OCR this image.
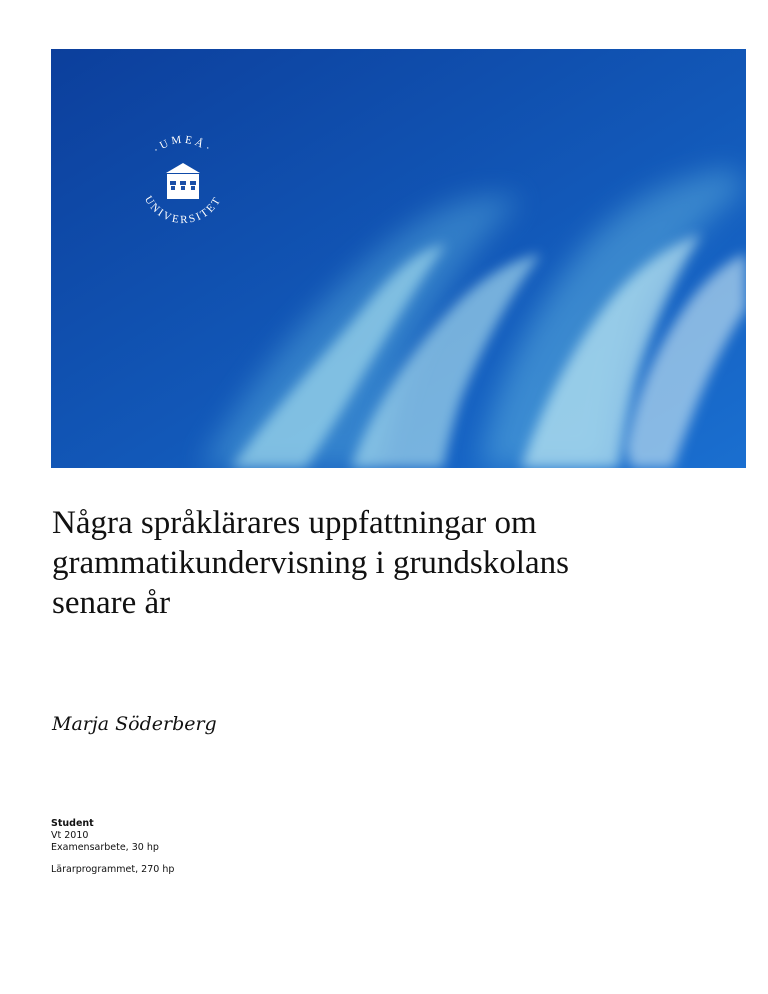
·UMEÅ·
UNIVERSITET
Några språklärares uppfattningar om
grammatikundervisning i grundskolans
senare år

Marja Söderberg

Student
Vt 2010
Examensarbete, 30 hp
Lärarprogrammet, 270 hp
